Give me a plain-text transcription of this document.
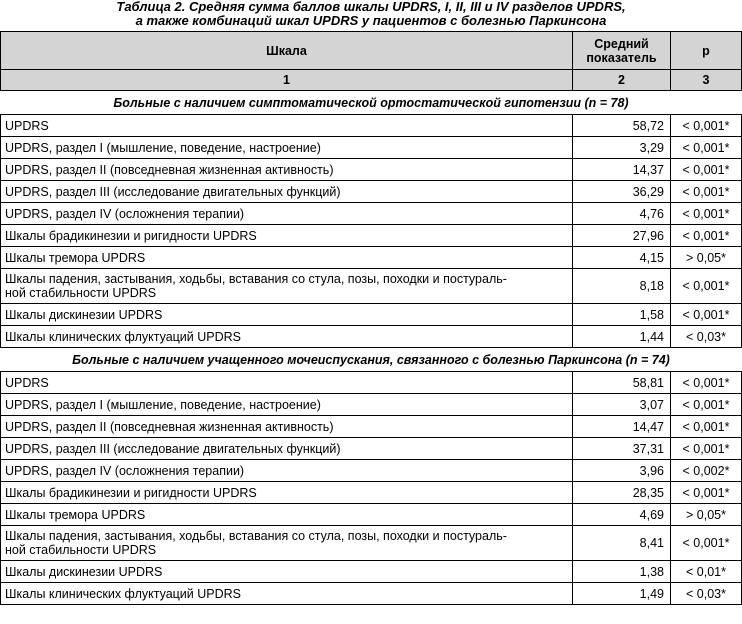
Таблица 2. Средняя сумма баллов шкалы UPDRS, I, II, III и IV разделов UPDRS,
а также комбинаций шкал UPDRS у пациентов с болезнью Паркинсона
Шкала	Средний показатель	р
1	2	3
Больные с наличием симптоматической ортостатической гипотензии (n = 78)		
UPDRS	58,72	< 0,001*
UPDRS, раздел I (мышление, поведение, настроение)	3,29	< 0,001*
UPDRS, раздел II (повседневная жизненная активность)	14,37	< 0,001*
UPDRS, раздел III (исследование двигательных функций)	36,29	< 0,001*
UPDRS, раздел IV (осложнения терапии)	4,76	< 0,001*
Шкалы брадикинезии и ригидности UPDRS	27,96	< 0,001*
Шкалы тремора UPDRS	4,15	> 0,05*
Шкалы падения, застывания, ходьбы, вставания со стула, позы, походки и постураль-
ной стабильности UPDRS	8,18	< 0,001*
Шкалы дискинезии UPDRS	1,58	< 0,001*
Шкалы клинических флуктуаций UPDRS	1,44	< 0,03*
Больные с наличием учащенного мочеиспускания, связанного с болезнью Паркинсона (n = 74)		
UPDRS	58,81	< 0,001*
UPDRS, раздел I (мышление, поведение, настроение)	3,07	< 0,001*
UPDRS, раздел II (повседневная жизненная активность)	14,47	< 0,001*
UPDRS, раздел III (исследование двигательных функций)	37,31	< 0,001*
UPDRS, раздел IV (осложнения терапии)	3,96	< 0,002*
Шкалы брадикинезии и ригидности UPDRS	28,35	< 0,001*
Шкалы тремора UPDRS	4,69	> 0,05*
Шкалы падения, застывания, ходьбы, вставания со стула, позы, походки и постураль-
ной стабильности UPDRS	8,41	< 0,001*
Шкалы дискинезии UPDRS	1,38	< 0,01*
Шкалы клинических флуктуаций UPDRS	1,49	< 0,03*
